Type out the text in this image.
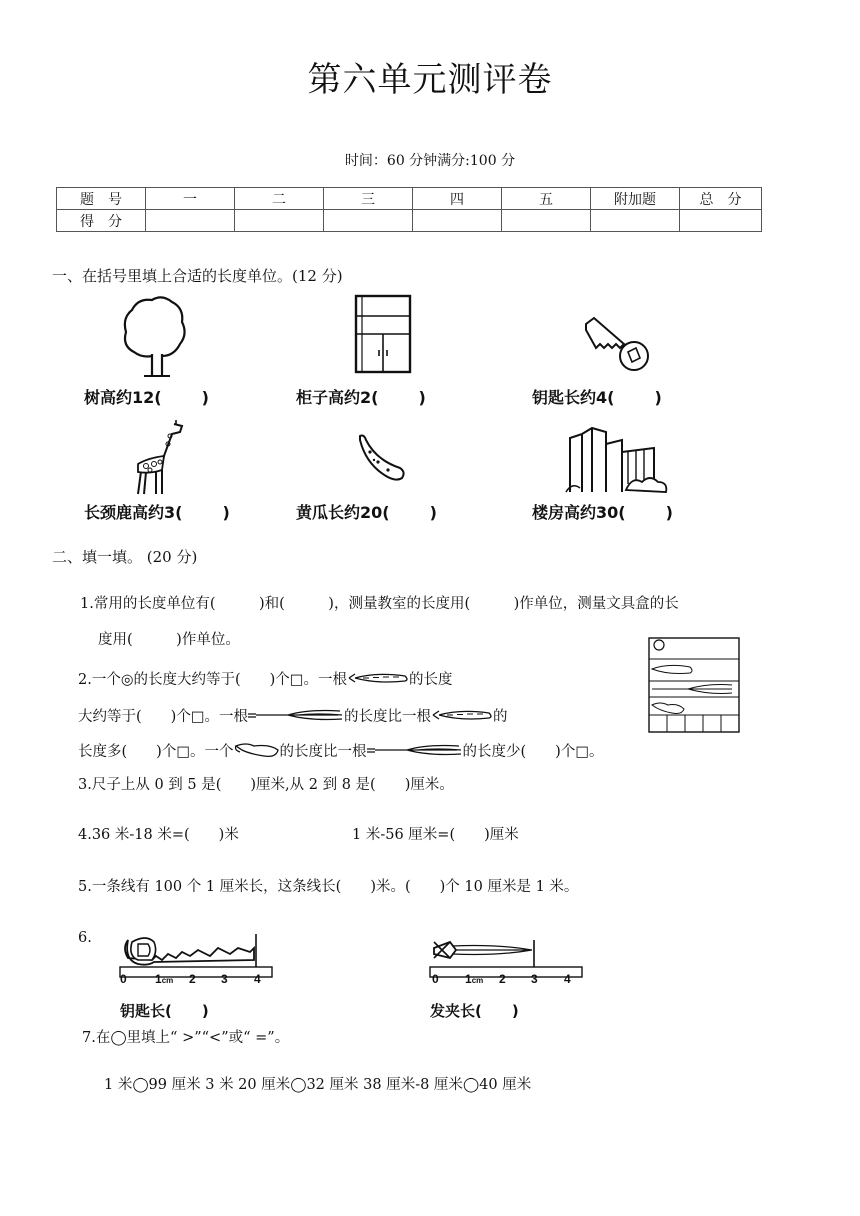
第六单元测评卷
时间：60 分钟满分:100 分
题　号	一	二	三	四	五	附加题	总　分
得　分							
一、在括号里填上合适的长度单位。(12 分)
树高约12(	)	柜子高约2(	)	钥匙长约4(	)
长颈鹿高约3(	)	黄瓜长约20(	)	楼房高约30(	)
二、填一填。 (20 分)
1.常用的长度单位有(　　　)和(　　　)，测量教室的长度用(　　　)作单位，测量文具盒的长
度用(　　　)作单位。
2.一个◎的长度大约等于(　　)个□。一根	的长度
大约等于(　　)个□。一根	的长度比一根	的
长度多(　　)个□。一个	的长度比一根	的长度少(　　)个□。
3.尺子上从 0 到 5 是(　　)厘米,从 2 到 8 是(　　)厘米。
4.36 米-18 米=(　　)米	1 米-56 厘米=(　　)厘米
5.一条线有 100 个 1 厘米长，这条线长(　　)米。(　　)个 10 厘米是 1 米。
6.
0 1cm 2 3 4
钥匙长(　　)
0 1cm 2 3 4
发夹长(　　)
7.在◯里填上“ >”“<”或“ =”。
1 米◯99 厘米 3 米 20 厘米◯32 厘米 38 厘米-8 厘米◯40 厘米
